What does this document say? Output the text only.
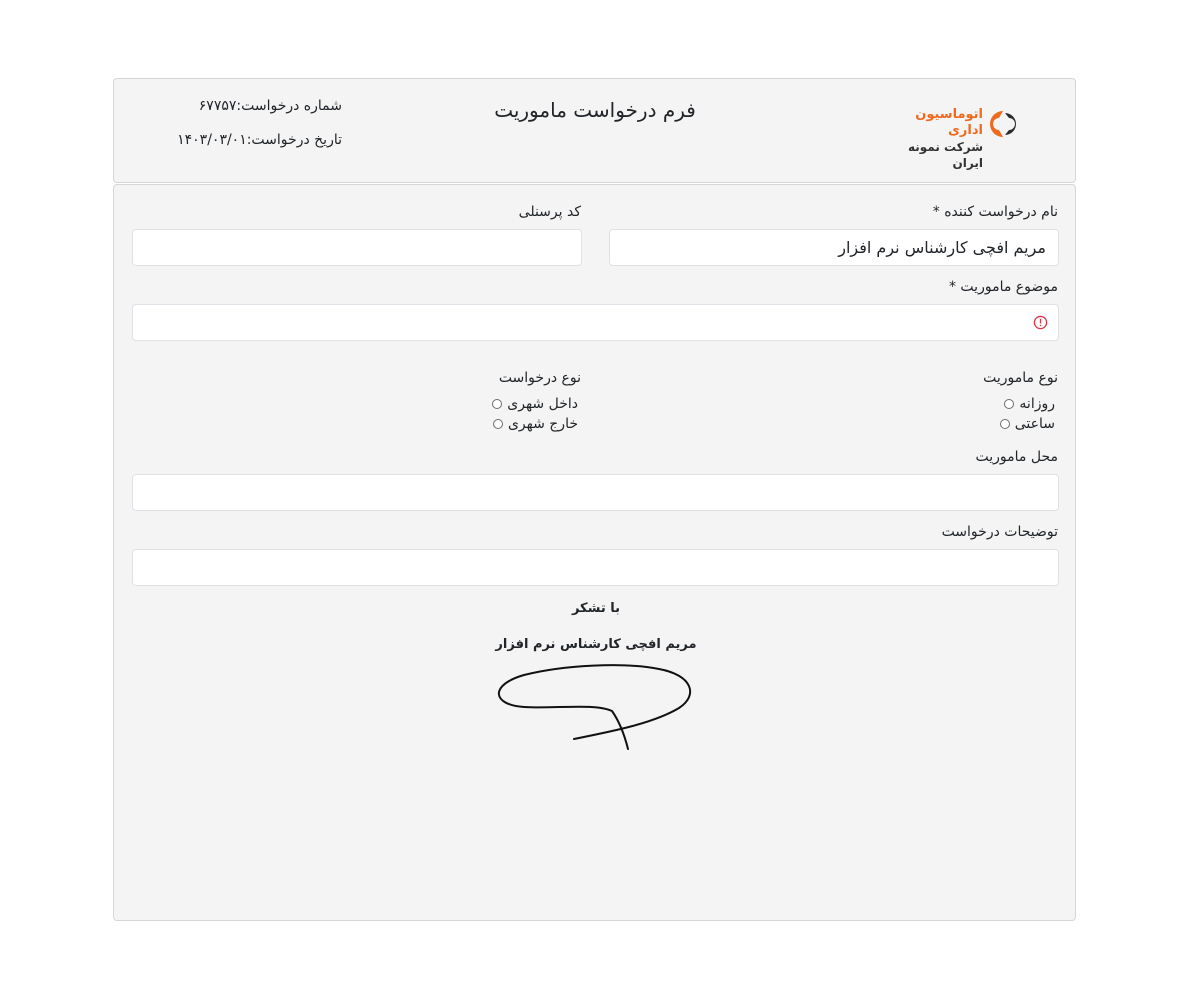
اتوماسیون اداری
شرکت نمونه ایران
فرم درخواست ماموریت
شماره درخواست:۶۷۷۵۷
تاریخ درخواست:۱۴۰۳/۰۳/۰۱
نام درخواست کننده *
مریم افچی کارشناس نرم افزار
کد پرسنلی
موضوع ماموریت *
نوع ماموریت
روزانه
ساعتی
نوع درخواست
داخل شهری
خارج شهری
محل ماموریت
توضیحات درخواست
با تشکر
مریم افچی کارشناس نرم افزار
